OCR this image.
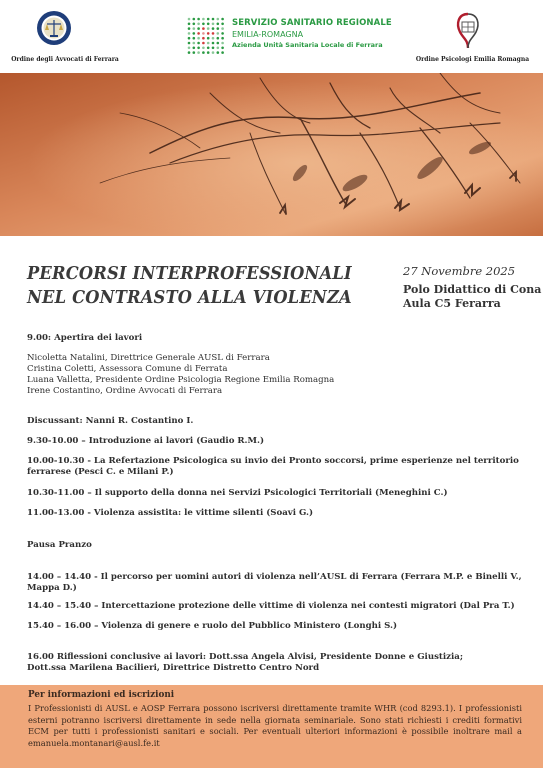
Ordine degli Avvocati di Ferrara
SERVIZIO SANITARIO REGIONALE
EMILIA-ROMAGNA
Azienda Unità Sanitaria Locale di Ferrara
Ordine Psicologi Emilia Romagna
PERCORSI INTERPROFESSIONALI
NEL CONTRASTO ALLA VIOLENZA
27 Novembre 2025
Polo Didattico di Cona
Aula C5 Ferarra
9.00: Apertira dei lavori
Nicoletta Natalini, Direttrice Generale AUSL di Ferrara
Cristina Coletti, Assessora Comune di Ferrata
Luana Valletta, Presidente Ordine Psicologia Regione Emilia Romagna
Irene Costantino, Ordine Avvocati di Ferrara
Discussant: Nanni R. Costantino I.
9.30-10.00 – Introduzione ai lavori (Gaudio R.M.)
10.00-10.30 - La Refertazione Psicologica su invio dei Pronto soccorsi, prime esperienze nel territorio
ferrarese (Pesci C. e Milani P.)
10.30-11.00 – Il supporto della donna nei Servizi Psicologici Territoriali (Meneghini C.)
11.00-13.00 - Violenza assistita: le vittime silenti (Soavi G.)
Pausa Pranzo
14.00 – 14.40 - Il percorso per uomini autori di violenza nell’AUSL di Ferrara (Ferrara M.P. e Binelli V.,
Mappa D.)
14.40 – 15.40 – Intercettazione protezione delle vittime di violenza nei contesti migratori (Dal Pra T.)
15.40 – 16.00 – Violenza di genere e ruolo del Pubblico Ministero (Longhi S.)
16.00 Riflessioni conclusive ai lavori: Dott.ssa Angela Alvisi, Presidente Donne e Giustizia;
Dott.ssa Marilena Bacilieri, Direttrice Distretto Centro Nord
Per informazioni ed iscrizioni
I Professionisti di AUSL e AOSP Ferrara possono iscriversi direttamente tramite WHR (cod 8293.1). I professionisti esterni potranno iscriversi direttamente in sede nella giornata seminariale. Sono stati richiesti i crediti formativi ECM per tutti i professionisti sanitari e sociali. Per eventuali ulteriori informazioni è possibile inoltrare mail a emanuela.montanari@ausl.fe.it
